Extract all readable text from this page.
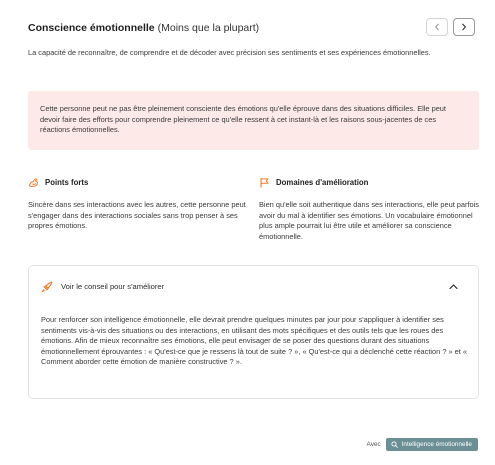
Conscience émotionnelle (Moins que la plupart)

La capacité de reconnaître, de comprendre et de décoder avec précision ses sentiments et ses expériences émotionnelles.

Cette personne peut ne pas être pleinement consciente des émotions qu'elle éprouve dans des situations difficiles. Elle peut devoir faire des efforts pour comprendre pleinement ce qu'elle ressent à cet instant-là et les raisons sous-jacentes de ces réactions émotionnelles.

Points forts

Sincère dans ses interactions avec les autres, cette personne peut s'engager dans des interactions sociales sans trop penser à ses propres émotions.

Domaines d'amélioration

Bien qu'elle soit authentique dans ses interactions, elle peut parfois avoir du mal à identifier ses émotions. Un vocabulaire émotionnel plus ample pourrait lui être utile et améliorer sa conscience émotionnelle.

Voir le conseil pour s'améliorer

Pour renforcer son intelligence émotionnelle, elle devrait prendre quelques minutes par jour pour s'appliquer à identifier ses sentiments vis-à-vis des situations ou des interactions, en utilisant des mots spécifiques et des outils tels que les roues des émotions. Afin de mieux reconnaître ses émotions, elle peut envisager de se poser des questions durant des situations émotionnellement éprouvantes : « Qu'est-ce que je ressens là tout de suite ? », « Qu'est-ce qui a déclenché cette réaction ? » et « Comment aborder cette émotion de manière constructive ? ».

Avec	Intelligence émotionnelle
